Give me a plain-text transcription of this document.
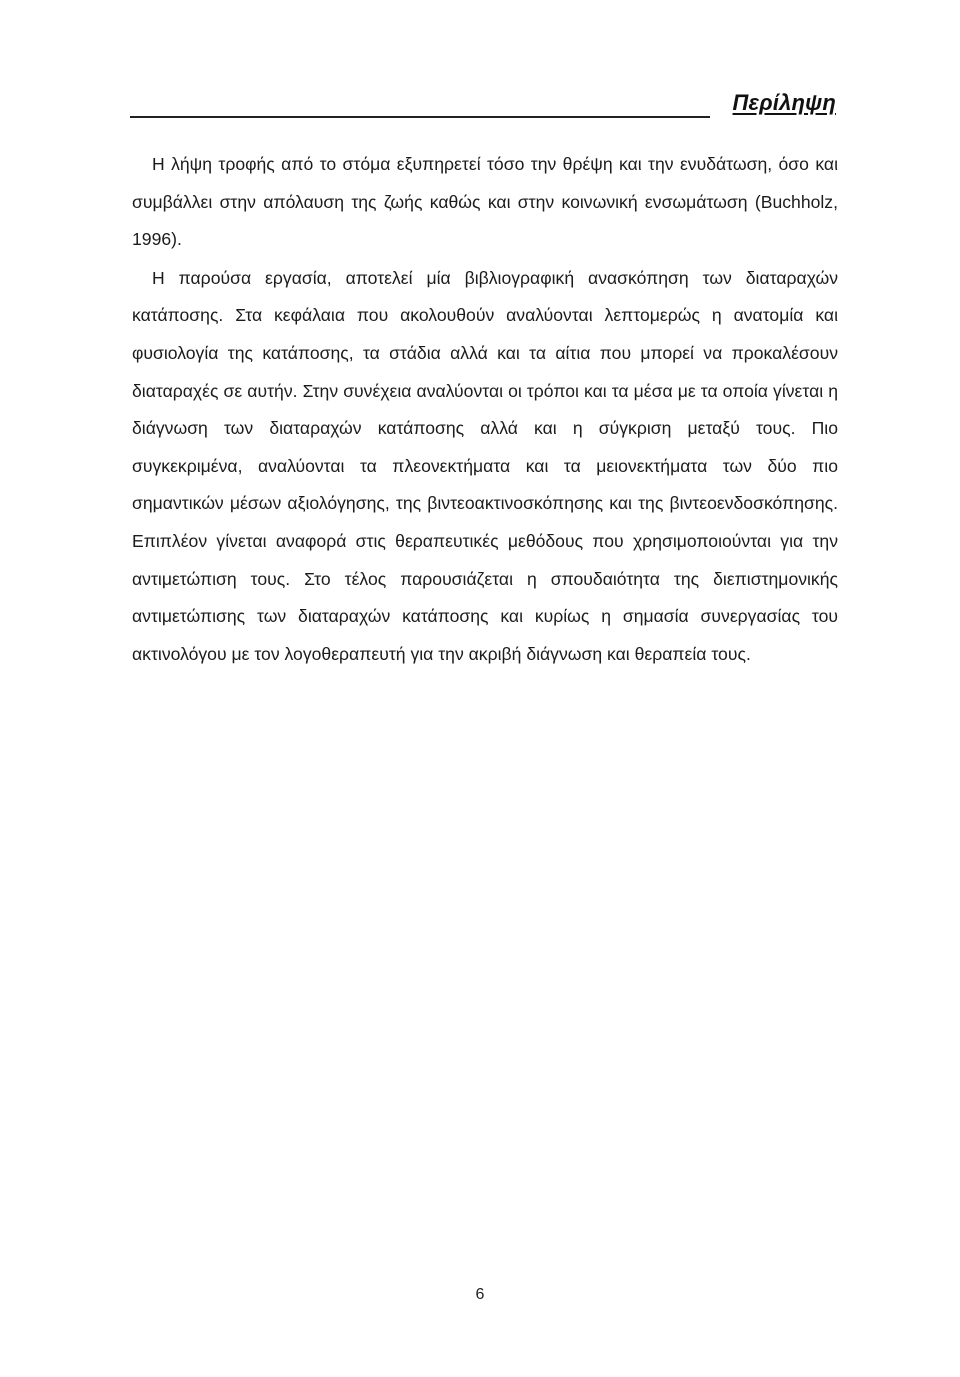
Περίληψη

Η λήψη τροφής από το στόμα εξυπηρετεί τόσο την θρέψη και την ενυδάτωση, όσο και συμβάλλει στην απόλαυση της ζωής καθώς και στην κοινωνική ενσωμάτωση (Buchholz, 1996).

Η παρούσα εργασία, αποτελεί μία βιβλιογραφική ανασκόπηση των διαταραχών κατάποσης. Στα κεφάλαια που ακολουθούν αναλύονται λεπτομερώς η ανατομία και φυσιολογία της κατάποσης, τα στάδια αλλά και τα αίτια που μπορεί να προκαλέσουν διαταραχές σε αυτήν. Στην συνέχεια αναλύονται οι τρόποι και τα μέσα με τα οποία γίνεται η διάγνωση των διαταραχών κατάποσης αλλά και η σύγκριση μεταξύ τους. Πιο συγκεκριμένα, αναλύονται τα πλεονεκτήματα και τα μειονεκτήματα των δύο πιο σημαντικών μέσων αξιολόγησης, της βιντεοακτινοσκόπησης και της βιντεοενδοσκόπησης. Επιπλέον γίνεται αναφορά στις θεραπευτικές μεθόδους που χρησιμοποιούνται για την αντιμετώπιση τους. Στο τέλος παρουσιάζεται η σπουδαιότητα της διεπιστημονικής αντιμετώπισης των διαταραχών κατάποσης και κυρίως η σημασία συνεργασίας του ακτινολόγου με τον λογοθεραπευτή για την ακριβή διάγνωση και θεραπεία τους.

6
